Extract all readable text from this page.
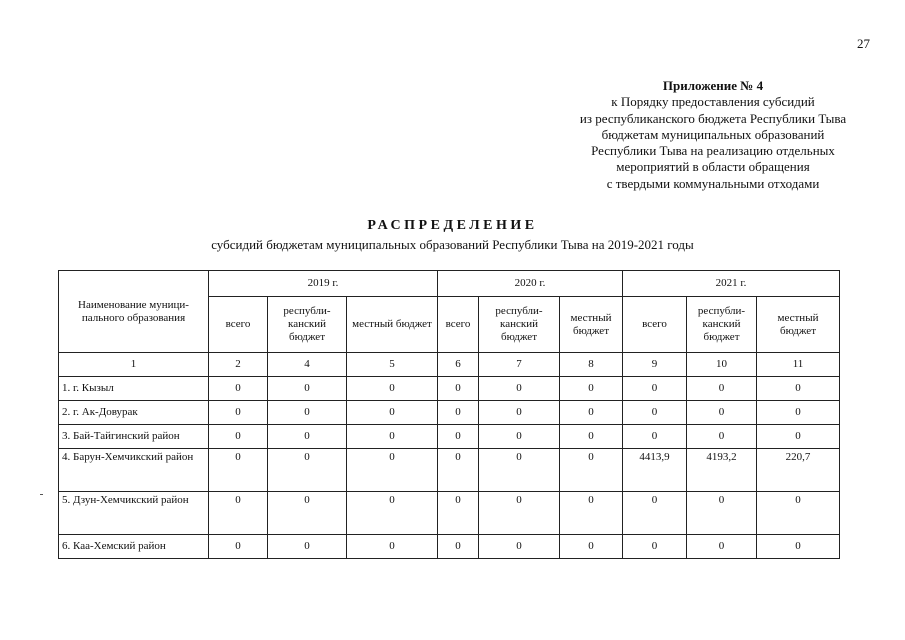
27
Приложение № 4
к Порядку предоставления субсидий
из республиканского бюджета Республики Тыва
бюджетам муниципальных образований
Республики Тыва на реализацию отдельных
мероприятий в области обращения
с твердыми коммунальными отходами
РАСПРЕДЕЛЕНИЕ
субсидий бюджетам муниципальных образований Республики Тыва на 2019-2021 годы
Наименование муници-пального образования	2019 г.			2020 г.			2021 г.		
	всего	республи-канский бюджет	местный бюджет	всего	республи-канский бюджет	местный бюджет	всего	республи-канский бюджет	местный бюджет
1	2	4	5	6	7	8	9	10	11
1. г. Кызыл	0	0	0	0	0	0	0	0	0
2. г. Ак-Довурак	0	0	0	0	0	0	0	0	0
3. Бай-Тайгинский район	0	0	0	0	0	0	0	0	0
4. Барун-Хемчикский район	0	0	0	0	0	0	4413,9	4193,2	220,7
5. Дзун-Хемчикский район	0	0	0	0	0	0	0	0	0
6. Каа-Хемский район	0	0	0	0	0	0	0	0	0
